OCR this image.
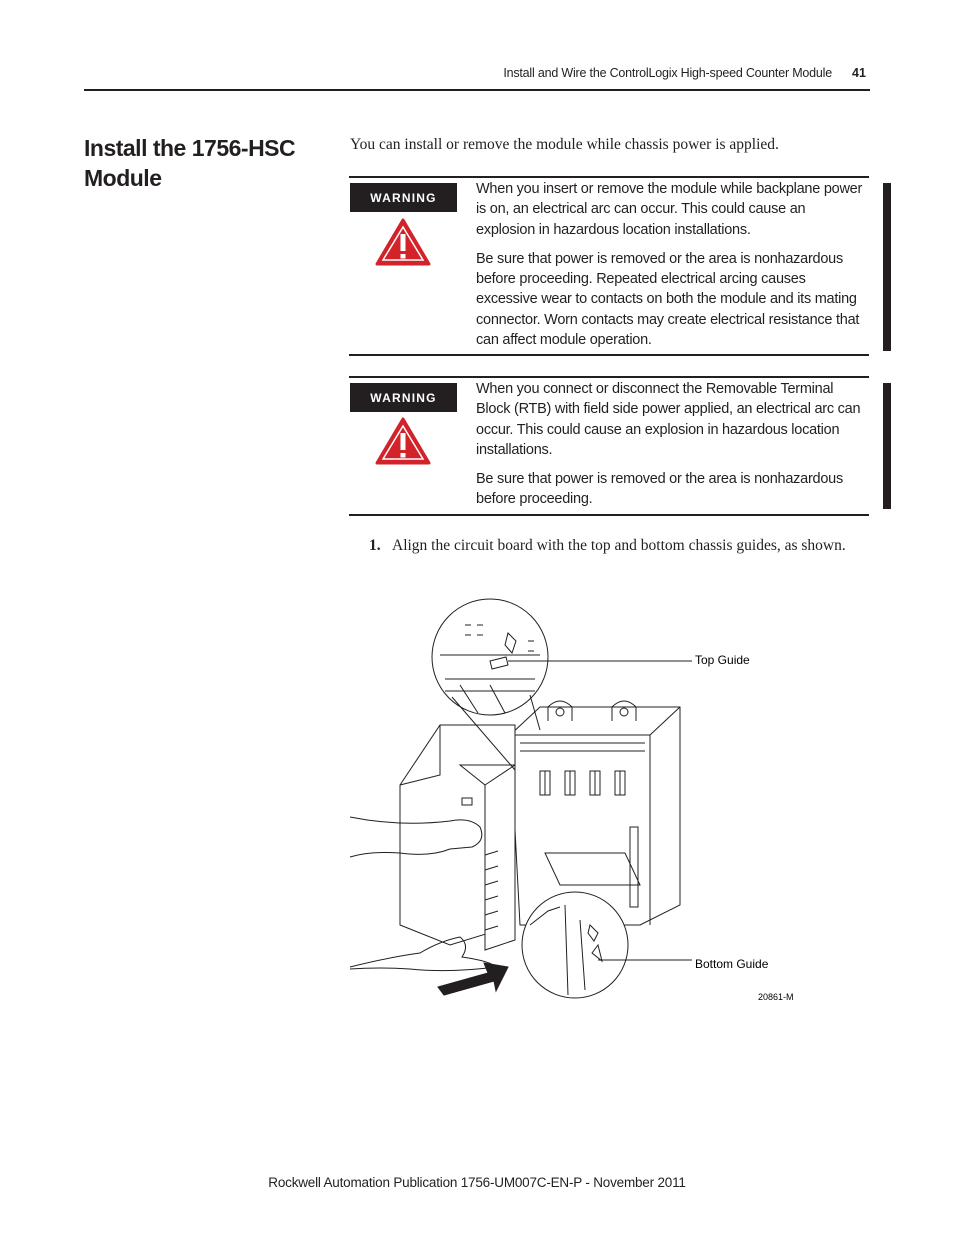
Install and Wire the ControlLogix High-speed Counter Module 41
Install the 1756-HSC Module
You can install or remove the module while chassis power is applied.
WARNING

When you insert or remove the module while backplane power is on, an electrical arc can occur. This could cause an explosion in hazardous location installations.

Be sure that power is removed or the area is nonhazardous before proceeding. Repeated electrical arcing causes excessive wear to contacts on both the module and its mating connector. Worn contacts may create electrical resistance that can affect module operation.

WARNING

When you connect or disconnect the Removable Terminal Block (RTB) with field side power applied, an electrical arc can occur. This could cause an explosion in hazardous location installations.

Be sure that power is removed or the area is nonhazardous before proceeding.

1. Align the circuit board with the top and bottom chassis guides, as shown.
Top Guide
Bottom Guide
20861-M
Rockwell Automation Publication 1756-UM007C-EN-P - November 2011
